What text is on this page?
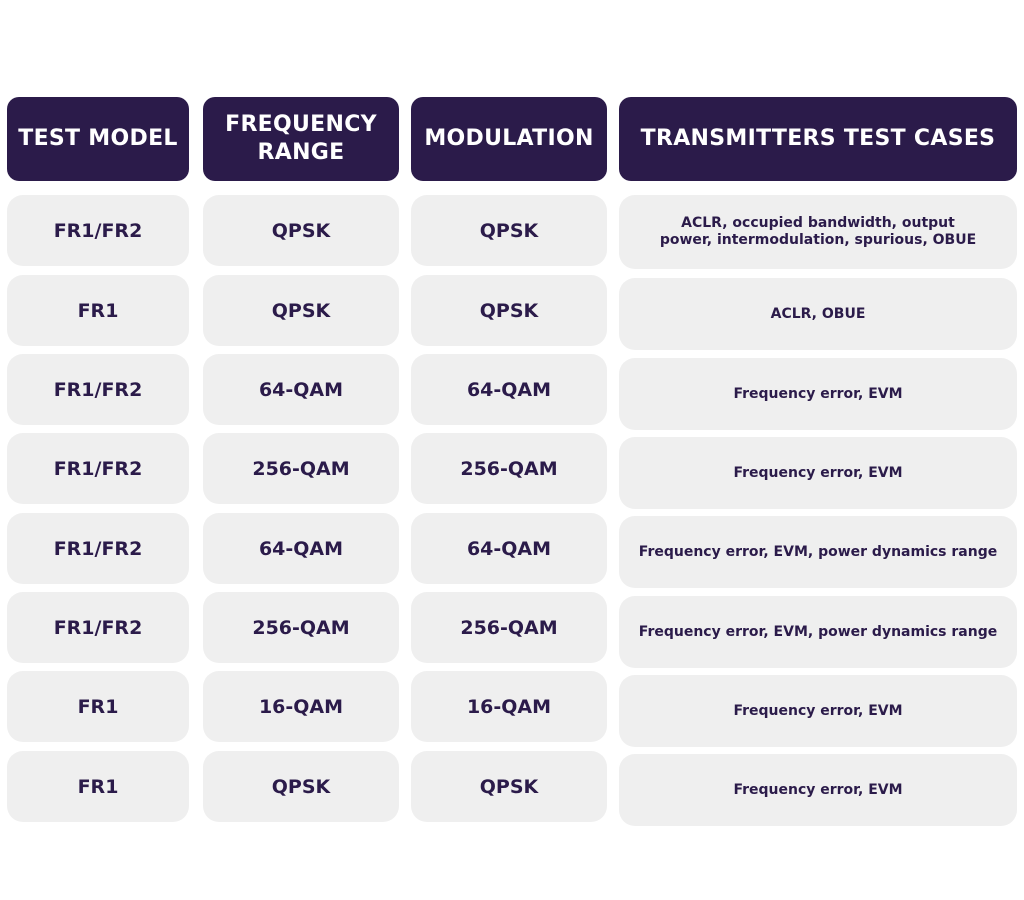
TEST MODEL
FR1/FR2
FR1
FR1/FR2
FR1/FR2
FR1/FR2
FR1/FR2
FR1
FR1
FREQUENCY RANGE
QPSK
QPSK
64-QAM
256-QAM
64-QAM
256-QAM
16-QAM
QPSK
MODULATION
QPSK
QPSK
64-QAM
256-QAM
64-QAM
256-QAM
16-QAM
QPSK
TRANSMITTERS TEST CASES
ACLR, occupied bandwidth, output power, intermodulation, spurious, OBUE
ACLR, OBUE
Frequency error, EVM
Frequency error, EVM
Frequency error, EVM, power dynamics range
Frequency error, EVM, power dynamics range
Frequency error, EVM
Frequency error, EVM
